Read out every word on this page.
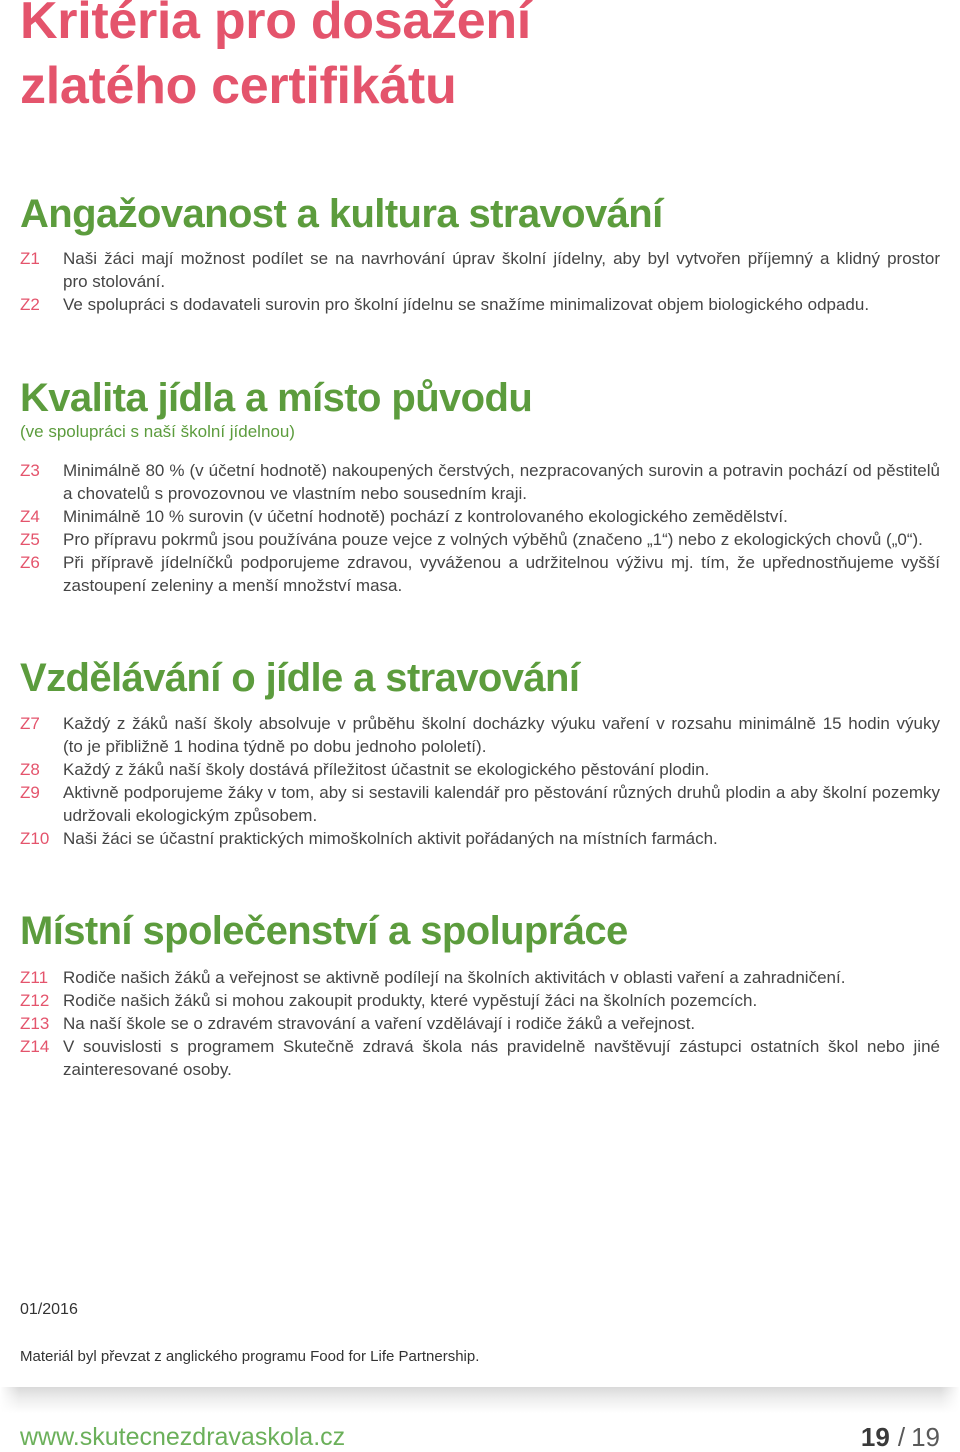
Kritéria pro dosažení
zlatého certifikátu
Angažovanost a kultura stravování
Z1 Naši žáci mají možnost podílet se na navrhování úprav školní jídelny, aby byl vytvořen příjemný a klidný prostor
pro stolování.
Z2 Ve spolupráci s dodavateli surovin pro školní jídelnu se snažíme minimalizovat objem biologického odpadu.
Kvalita jídla a místo původu
(ve spolupráci s naší školní jídelnou)
Z3 Minimálně 80 % (v účetní hodnotě) nakoupených čerstvých, nezpracovaných surovin a potravin pochází od pěstitelů
a chovatelů s provozovnou ve vlastním nebo sousedním kraji.
Z4 Minimálně 10 % surovin (v účetní hodnotě) pochází z kontrolovaného ekologického zemědělství.
Z5 Pro přípravu pokrmů jsou používána pouze vejce z volných výběhů (značeno „1“) nebo z ekologických chovů („0“).
Z6 Při přípravě jídelníčků podporujeme zdravou, vyváženou a udržitelnou výživu mj. tím, že upřednostňujeme vyšší
zastoupení zeleniny a menší množství masa.
Vzdělávání o jídle a stravování
Z7 Každý z žáků naší školy absolvuje v průběhu školní docházky výuku vaření v rozsahu minimálně 15 hodin výuky
(to je přibližně 1 hodina týdně po dobu jednoho pololetí).
Z8 Každý z žáků naší školy dostává příležitost účastnit se ekologického pěstování plodin.
Z9 Aktivně podporujeme žáky v tom, aby si sestavili kalendář pro pěstování různých druhů plodin a aby školní pozemky
udržovali ekologickým způsobem.
Z10 Naši žáci se účastní praktických mimoškolních aktivit pořádaných na místních farmách.
Místní společenství a spolupráce
Z11 Rodiče našich žáků a veřejnost se aktivně podílejí na školních aktivitách v oblasti vaření a zahradničení.
Z12 Rodiče našich žáků si mohou zakoupit produkty, které vypěstují žáci na školních pozemcích.
Z13 Na naší škole se o zdravém stravování a vaření vzdělávají i rodiče žáků a veřejnost.
Z14 V souvislosti s programem Skutečně zdravá škola nás pravidelně navštěvují zástupci ostatních škol nebo jiné
zainteresované osoby.
01/2016
Materiál byl převzat z anglického programu Food for Life Partnership.
www.skutecnezdravaskola.cz	19 / 19
